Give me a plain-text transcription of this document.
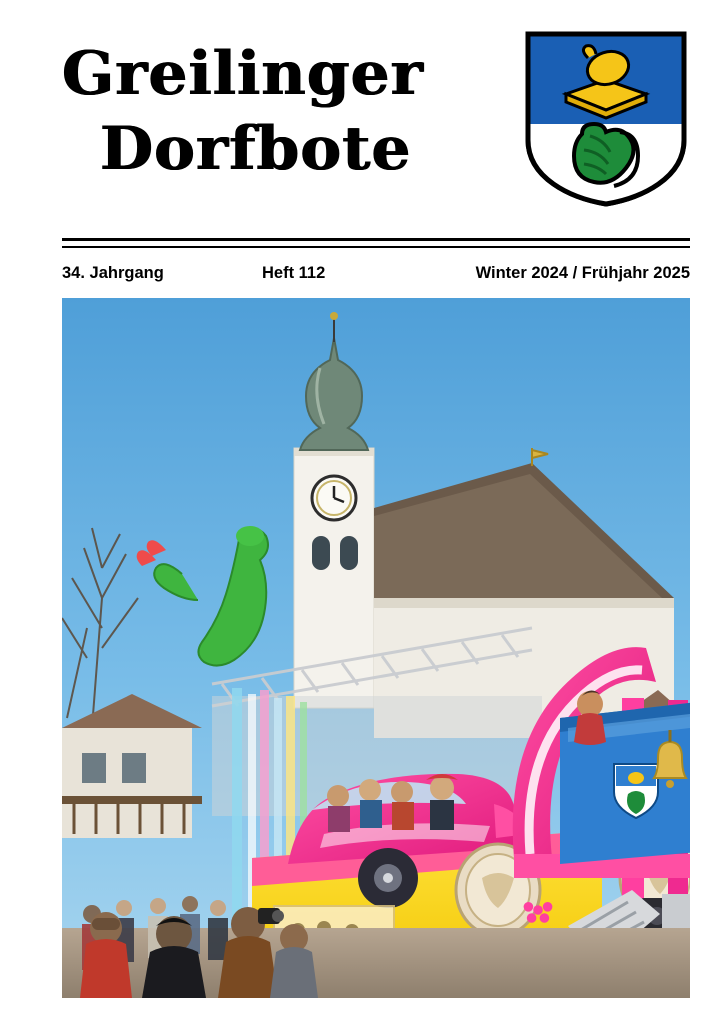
Greilinger
Dorfbote
34. Jahrgang	Heft 112	Winter 2024 / Frühjahr 2025
